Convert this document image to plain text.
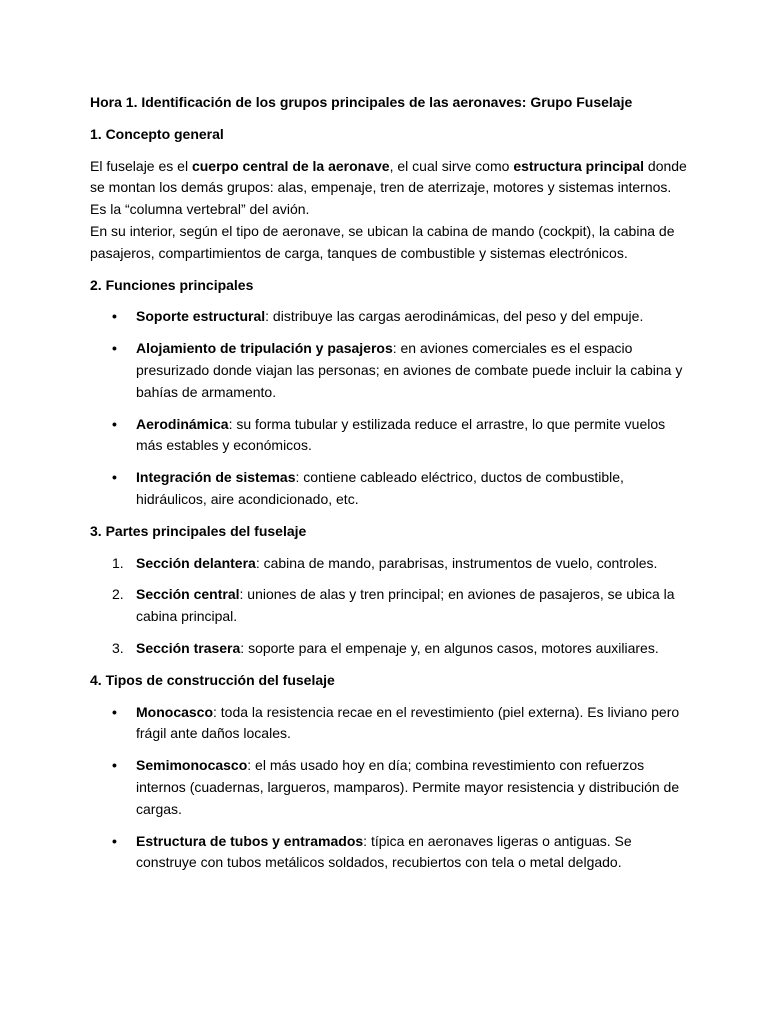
Hora 1. Identificación de los grupos principales de las aeronaves: Grupo Fuselaje
1. Concepto general

El fuselaje es el cuerpo central de la aeronave, el cual sirve como estructura principal donde se montan los demás grupos: alas, empenaje, tren de aterrizaje, motores y sistemas internos. Es la “columna vertebral” del avión.

En su interior, según el tipo de aeronave, se ubican la cabina de mando (cockpit), la cabina de pasajeros, compartimientos de carga, tanques de combustible y sistemas electrónicos.

2. Funciones principales
• Soporte estructural: distribuye las cargas aerodinámicas, del peso y del empuje.
• Alojamiento de tripulación y pasajeros: en aviones comerciales es el espacio presurizado donde viajan las personas; en aviones de combate puede incluir la cabina y bahías de armamento.
• Aerodinámica: su forma tubular y estilizada reduce el arrastre, lo que permite vuelos más estables y económicos.
• Integración de sistemas: contiene cableado eléctrico, ductos de combustible, hidráulicos, aire acondicionado, etc.
3. Partes principales del fuselaje
1. Sección delantera: cabina de mando, parabrisas, instrumentos de vuelo, controles.
2. Sección central: uniones de alas y tren principal; en aviones de pasajeros, se ubica la cabina principal.
3. Sección trasera: soporte para el empenaje y, en algunos casos, motores auxiliares.
4. Tipos de construcción del fuselaje
• Monocasco: toda la resistencia recae en el revestimiento (piel externa). Es liviano pero frágil ante daños locales.
• Semimonocasco: el más usado hoy en día; combina revestimiento con refuerzos internos (cuadernas, largueros, mamparos). Permite mayor resistencia y distribución de cargas.
• Estructura de tubos y entramados: típica en aeronaves ligeras o antiguas. Se construye con tubos metálicos soldados, recubiertos con tela o metal delgado.
